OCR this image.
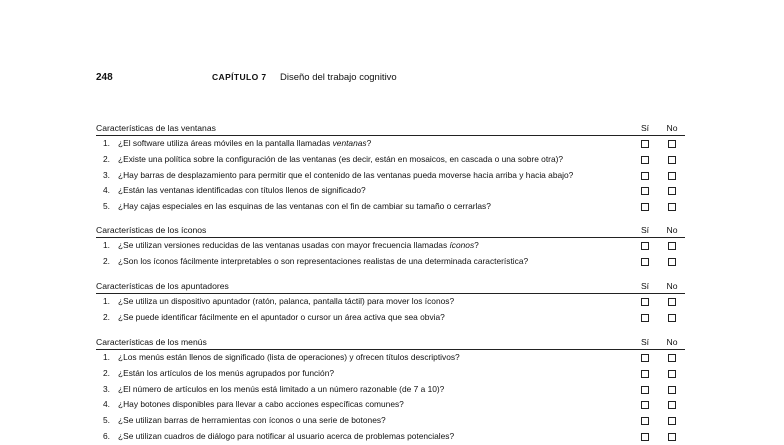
248	CAPÍTULO 7 Diseño del trabajo cognitivo
Características de las ventanas	Sí	No
1. ¿El software utiliza áreas móviles en la pantalla llamadas ventanas?
2. ¿Existe una política sobre la configuración de las ventanas (es decir, están en mosaicos, en cascada o una sobre otra)?
3. ¿Hay barras de desplazamiento para permitir que el contenido de las ventanas pueda moverse hacia arriba y hacia abajo?
4. ¿Están las ventanas identificadas con títulos llenos de significado?
5. ¿Hay cajas especiales en las esquinas de las ventanas con el fin de cambiar su tamaño o cerrarlas?
Características de los íconos	Sí	No
1. ¿Se utilizan versiones reducidas de las ventanas usadas con mayor frecuencia llamadas íconos?
2. ¿Son los íconos fácilmente interpretables o son representaciones realistas de una determinada característica?
Características de los apuntadores	Sí	No
1. ¿Se utiliza un dispositivo apuntador (ratón, palanca, pantalla táctil) para mover los íconos?
2. ¿Se puede identificar fácilmente en el apuntador o cursor un área activa que sea obvia?
Características de los menús	Sí	No
1. ¿Los menús están llenos de significado (lista de operaciones) y ofrecen títulos descriptivos?
2. ¿Están los artículos de los menús agrupados por función?
3. ¿El número de artículos en los menús está limitado a un número razonable (de 7 a 10)?
4. ¿Hay botones disponibles para llevar a cabo acciones específicas comunes?
5. ¿Se utilizan barras de herramientas con íconos o una serie de botones?
6. ¿Se utilizan cuadros de diálogo para notificar al usuario acerca de problemas potenciales?
